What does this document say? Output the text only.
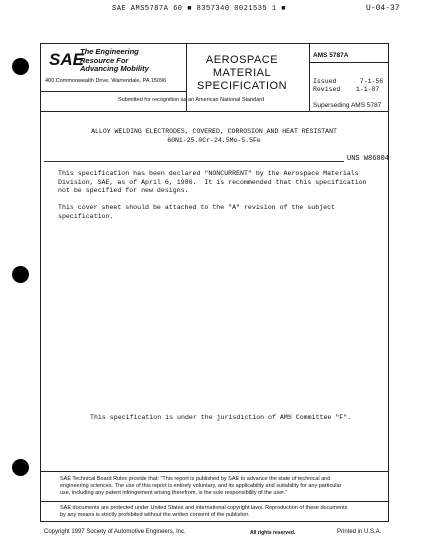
SAE AMS5787A 60 ■ 8357340 0021535 1 ■	U-04-37
SAE
The Engineering
Resource For
Advancing Mobility
400 Commonwealth Drive, Warrendale, PA 15096
AEROSPACE
MATERIAL
SPECIFICATION
Submitted for recognition as an American National Standard
AMS 5787A
Issued      7-1-56
Revised    1-1-87
Superseding AMS 5787
ALLOY WELDING ELECTRODES, COVERED, CORROSION AND HEAT RESISTANT
60Ni-25.0Cr-24.5Mo-5.5Fe
UNS W86004
This specification has been declared "NONCURRENT" by the Aerospace Materials
Division, SAE, as of April 6, 1986.  It is recommended that this specification
not be specified for new designs.
This cover sheet should be attached to the "A" revision of the subject
specification.
This specification is under the jurisdiction of AMS Committee "F".
SAE Technical Board Rules provide that: "This report is published by SAE to advance the state of technical and
engineering sciences. The use of this report is entirely voluntary, and its applicability and suitability for any particular
use, including any patent infringement arising therefrom, is the sole responsibility of the user."
SAE documents are protected under United States and international copyright laws. Reproduction of these documents
by any means is strictly prohibited without the written consent of the publisher.
Copyright 1997 Society of Automotive Engineers, Inc.	All rights reserved.	Printed in U.S.A.
